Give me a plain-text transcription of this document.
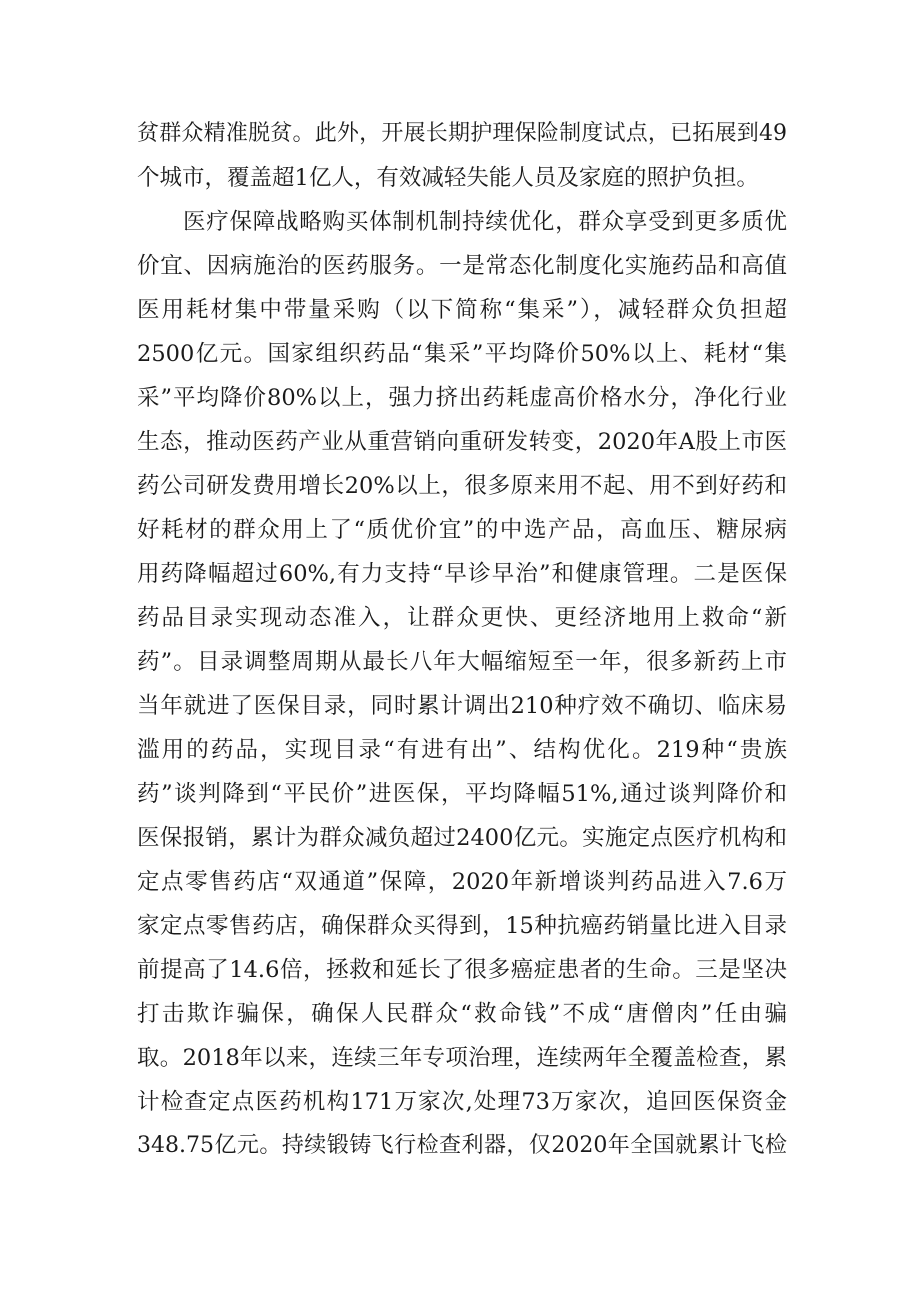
贫群众精准脱贫。此外，开展长期护理保险制度试点，已拓展到49
个城市，覆盖超1亿人，有效减轻失能人员及家庭的照护负担。
医疗保障战略购买体制机制持续优化，群众享受到更多质优
价宜、因病施治的医药服务。一是常态化制度化实施药品和高值
医用耗材集中带量采购（以下简称“集采”），减轻群众负担超
2500亿元。国家组织药品“集采”平均降价50%以上、耗材“集
采”平均降价80%以上，强力挤出药耗虚高价格水分，净化行业
生态，推动医药产业从重营销向重研发转变，2020年A股上市医
药公司研发费用增长20%以上，很多原来用不起、用不到好药和
好耗材的群众用上了“质优价宜”的中选产品，高血压、糖尿病
用药降幅超过60%,有力支持“早诊早治”和健康管理。二是医保
药品目录实现动态准入，让群众更快、更经济地用上救命“新
药”。目录调整周期从最长八年大幅缩短至一年，很多新药上市
当年就进了医保目录，同时累计调出210种疗效不确切、临床易
滥用的药品，实现目录“有进有出”、结构优化。219种“贵族
药”谈判降到“平民价”进医保，平均降幅51%,通过谈判降价和
医保报销，累计为群众减负超过2400亿元。实施定点医疗机构和
定点零售药店“双通道”保障，2020年新增谈判药品进入7.6万
家定点零售药店，确保群众买得到，15种抗癌药销量比进入目录
前提高了14.6倍，拯救和延长了很多癌症患者的生命。三是坚决
打击欺诈骗保，确保人民群众“救命钱”不成“唐僧肉”任由骗
取。2018年以来，连续三年专项治理，连续两年全覆盖检查，累
计检查定点医药机构171万家次,处理73万家次，追回医保资金
348.75亿元。持续锻铸飞行检查利器，仅2020年全国就累计飞检
